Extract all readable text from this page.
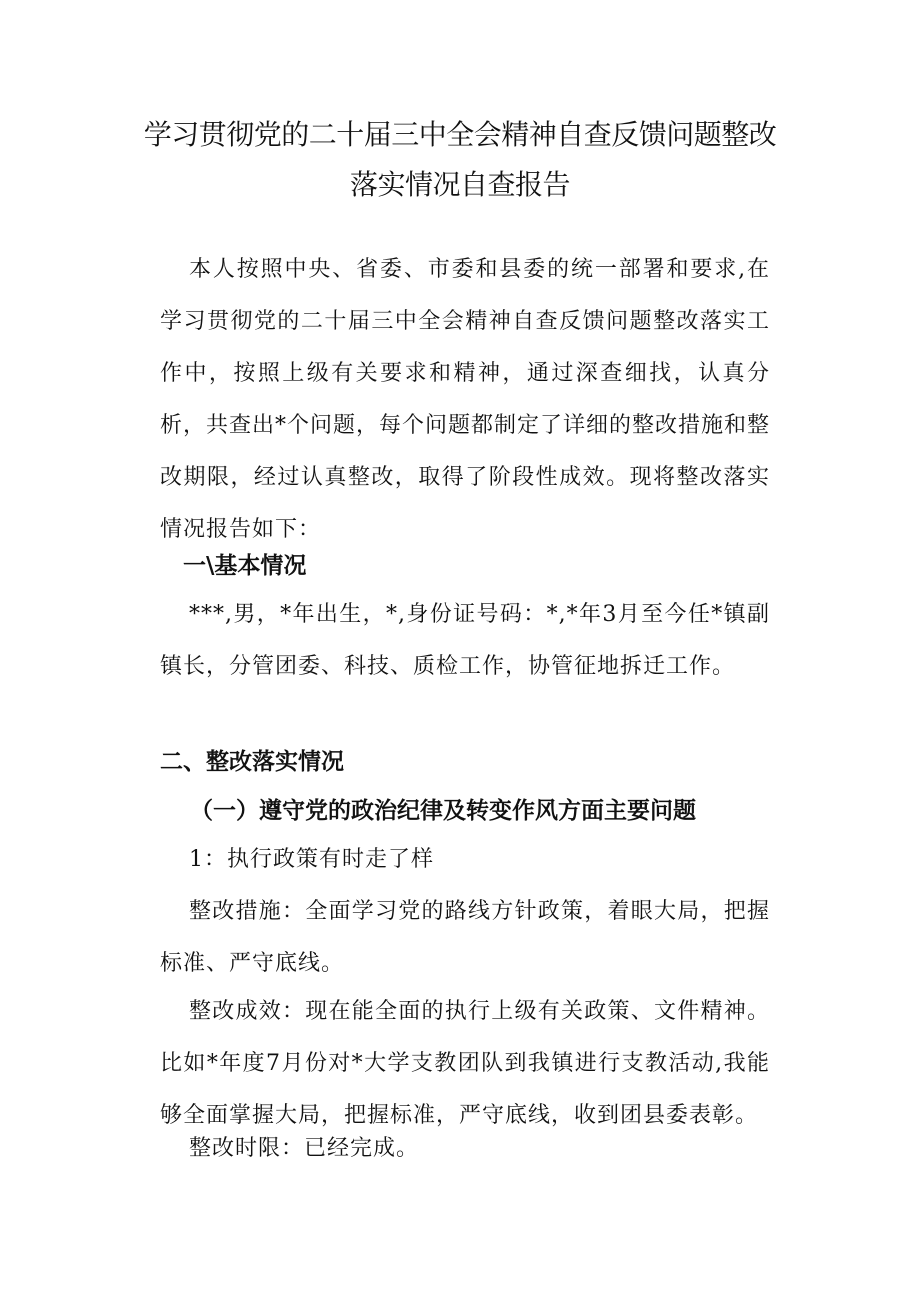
学习贯彻党的二十届三中全会精神自查反馈问题整改
落实情况自查报告

本人按照中央、省委、市委和县委的统一部署和要求,在学习贯彻党的二十届三中全会精神自查反馈问题整改落实工作中，按照上级有关要求和精神，通过深查细找，认真分析，共查出*个问题，每个问题都制定了详细的整改措施和整改期限，经过认真整改，取得了阶段性成效。现将整改落实情况报告如下：

一\基本情况

***,男，*年出生，*,身份证号码：*,*年3月至今任*镇副镇长，分管团委、科技、质检工作，协管征地拆迁工作。

二、整改落实情况
（一）遵守党的政治纪律及转变作风方面主要问题

1：执行政策有时走了样

整改措施：全面学习党的路线方针政策，着眼大局，把握标准、严守底线。

整改成效：现在能全面的执行上级有关政策、文件精神。比如*年度7月份对*大学支教团队到我镇进行支教活动,我能够全面掌握大局，把握标准，严守底线，收到团县委表彰。

整改时限：已经完成。
